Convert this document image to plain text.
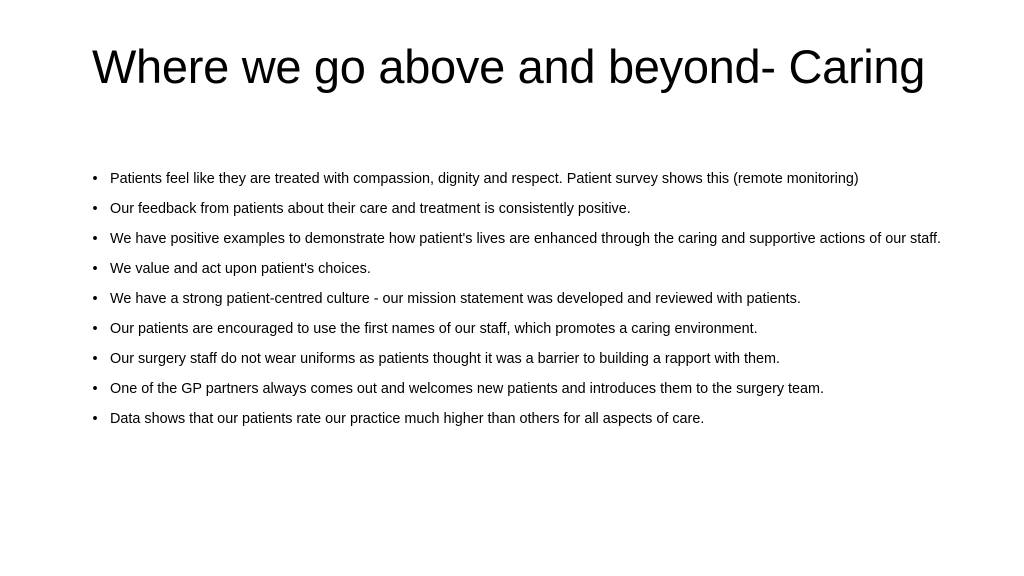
Where we go above and beyond- Caring
• Patients feel like they are treated with compassion, dignity and respect. Patient survey shows this (remote monitoring)
• Our feedback from patients about their care and treatment is consistently positive.
• We have positive examples to demonstrate how patient's lives are enhanced through the caring and supportive actions of our staff.
• We value and act upon patient's choices.
• We have a strong patient-centred culture - our mission statement was developed and reviewed with patients.
• Our patients are encouraged to use the first names of our staff, which promotes a caring environment.
• Our surgery staff do not wear uniforms as patients thought it was a barrier to building a rapport with them.
• One of the GP partners always comes out and welcomes new patients and introduces them to the surgery team.
• Data shows that our patients rate our practice much higher than others for all aspects of care.
